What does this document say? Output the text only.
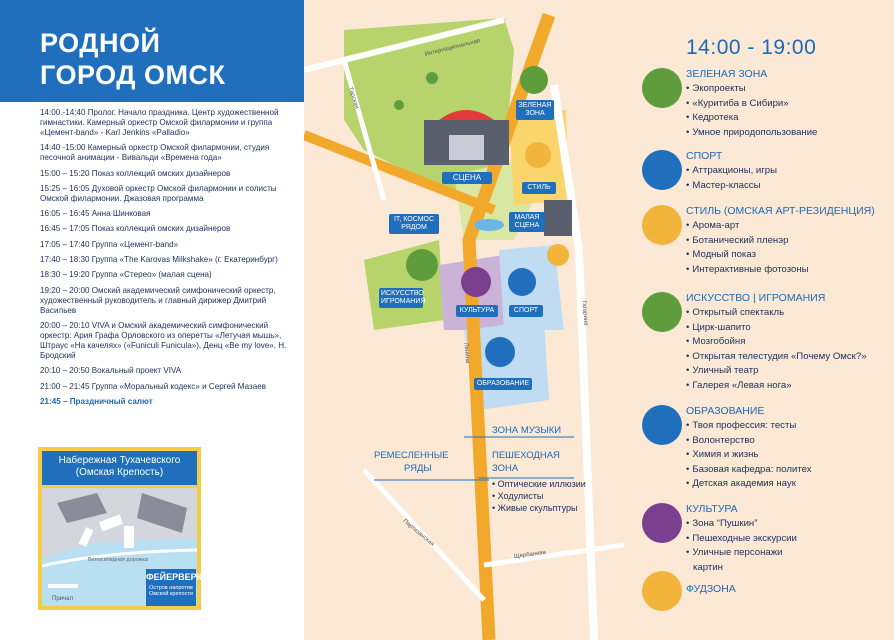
РОДНОЙ
ГОРОД ОМСК
14:00.-14:40 Пролог. Начало праздника. Центр художественной гимнастики. Камерный оркестр Омской филармонии и группа «Цемент-band» - Karl Jenkins «Palladio»
14:40 -15:00 Камерный оркестр Омской филармонии, студия песочной анимации - Вивальди «Времена года»
15:00 – 15:20 Показ коллекций омских дизайнеров
15:25 – 16:05 Духовой оркестр Омской филармонии и солисты Омской филармонии. Джазовая программа
16:05 – 16:45 Анна Шинковая
16:45 – 17:05 Показ коллекций омских дизайнеров
17:05 – 17:40 Группа «Цемент-band»
17:40 – 18:30 Группа «The Karovas Milkshake» (г. Екатеринбург)
18:30 – 19:20 Группа «Стерео» (малая сцена)
19:20 – 20:00 Омский академический симфонический оркестр, художественный руководитель и главный дирижер Дмитрий Васильев
20:00 – 20:10 VIVA и Омский академический симфонический оркестр: Ария Графа Орловского из оперетты «Летучая мышь», Штраус «На качелях» («Funiculi Funicula»), Денц «Be my love», Н. Бродский
20:10 – 20:50 Вокальный проект VIVA
21:00 – 21:45 Группа «Моральный кодекс» и Сергей Мазаев
21:45 – Праздничный салют
Набережная Тухачевского
(Омская Крепость)
Велосипедная дорожка
Причал
ФЕЙЕРВЕРК
Остров напротив Омской крепости
Интернациональная
Тарская
Ленина
Гагарина
Партизанская
Щербанева
ЗЕЛЕНАЯ ЗОНА
СЦЕНА
СТИЛЬ
IT, КОСМОС РЯДОМ
МАЛАЯ СЦЕНА
ИСКУССТВО ИГРОМАНИЯ
КУЛЬТУРА	СПОРТ
ОБРАЗОВАНИЕ
ЗОНА МУЗЫКИ
РЕМЕСЛЕННЫЕ
РЯДЫ
ПЕШЕХОДНАЯ
ЗОНА
• Оптические иллюзии
• Ходулисты
• Живые скульптуры
14:00 - 19:00
ЗЕЛЕНАЯ ЗОНА
• Экопроекты
• «Куритиба в Сибири»
• Кедротека
• Умное природопользование
СПОРТ
• Аттракционы, игры
• Мастер-классы
СТИЛЬ (ОМСКАЯ АРТ-РЕЗИДЕНЦИЯ)
• Арома-арт
• Ботанический пленэр
• Модный показ
• Интерактивные фотозоны
ИСКУССТВО | ИГРОМАНИЯ
• Открытый спектакль
• Цирк-шапито
• Мозгобойня
• Открытая телестудия «Почему Омск?»
• Уличный театр
• Галерея «Левая нога»
ОБРАЗОВАНИЕ
• Твоя профессия: тесты
• Волонтерство
• Химия и жизнь
• Базовая кафедра: политех
• Детская академия наук
КУЛЬТУРА
• Зона “Пушкин”
• Пешеходные экскурсии
• Уличные персонажи
картин
ФУДЗОНА
